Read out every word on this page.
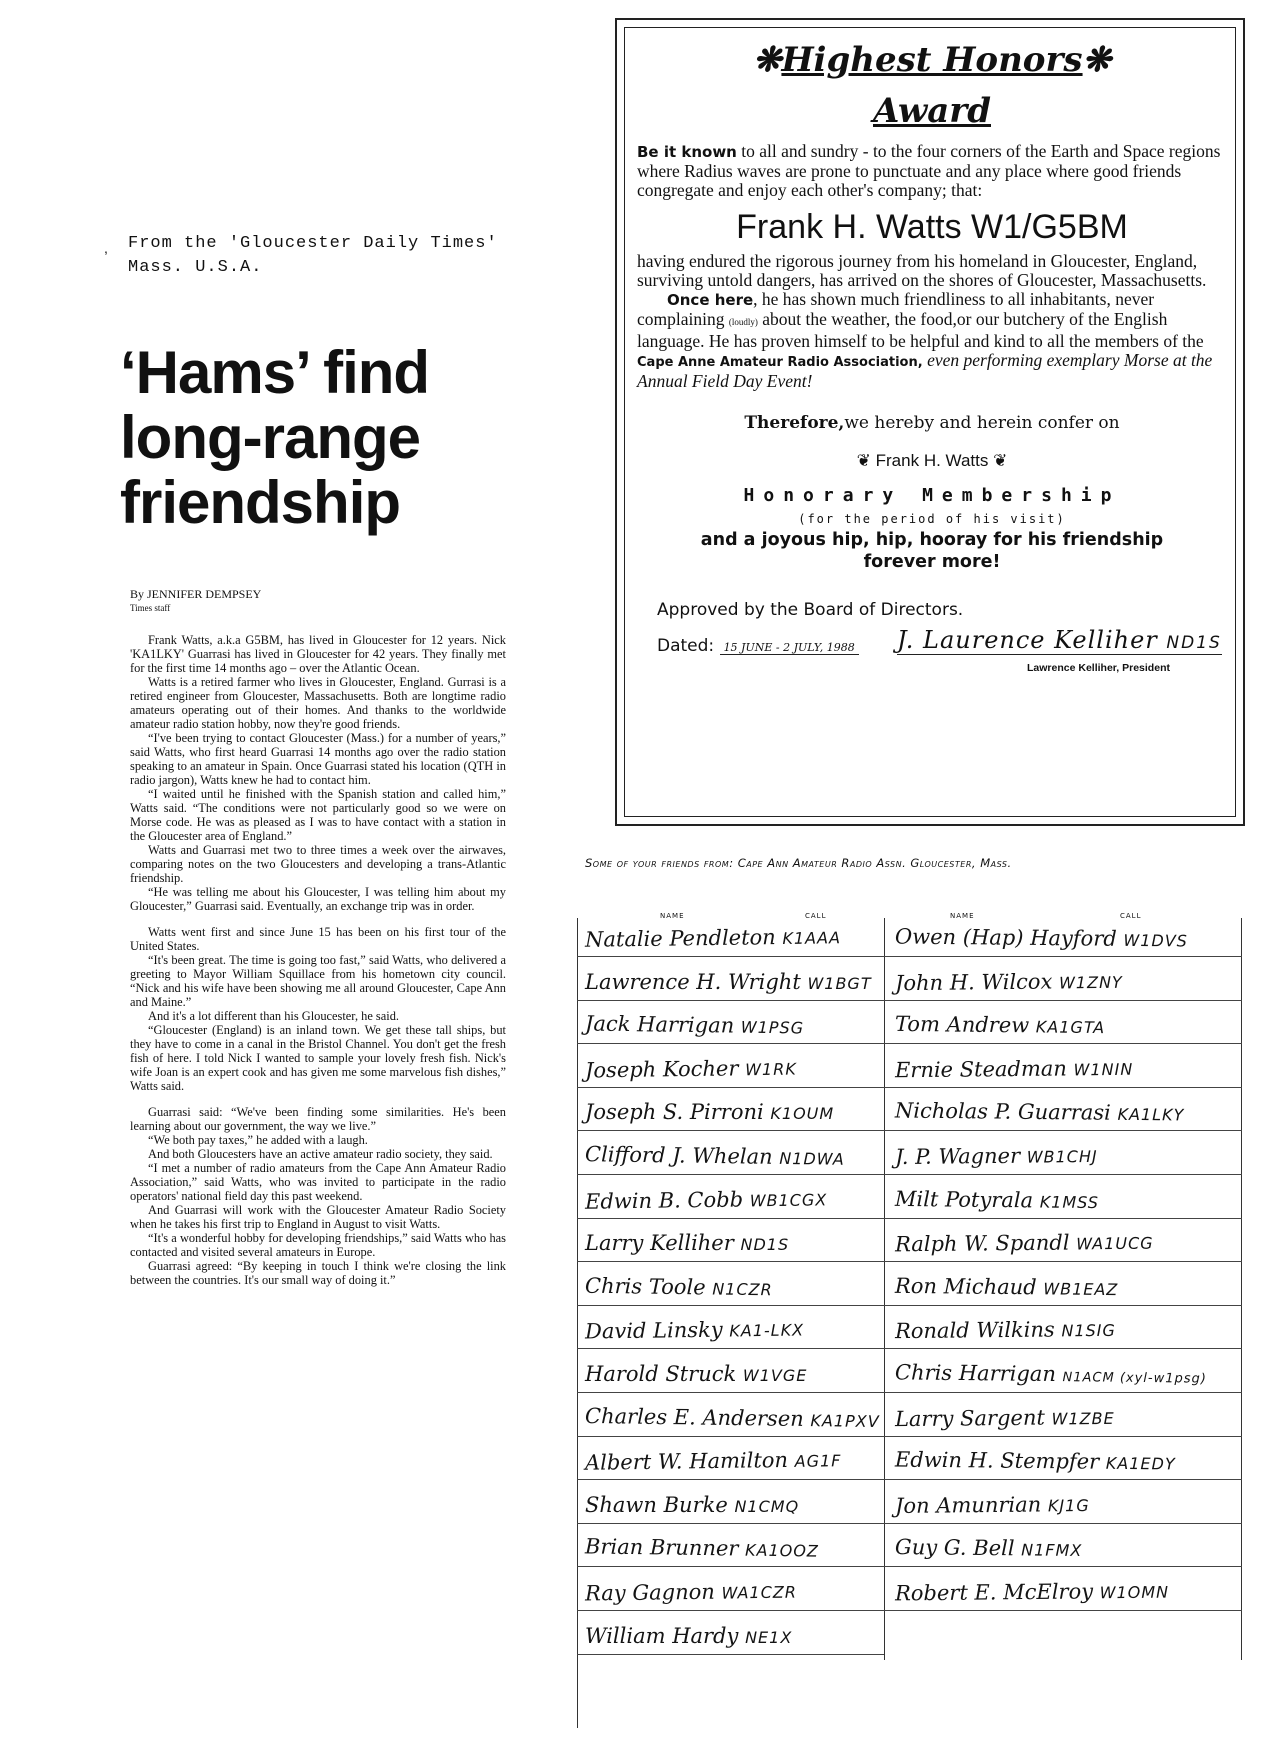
, From the 'Gloucester Daily Times'
Mass. U.S.A.
‘Hams’ find
long-range
friendship
By JENNIFER DEMPSEY
Times staff

Frank Watts, a.k.a G5BM, has lived in Gloucester for 12 years. Nick 'KA1LKY' Guarrasi has lived in Gloucester for 42 years. They finally met for the first time 14 months ago – over the Atlantic Ocean.

Watts is a retired farmer who lives in Gloucester, England. Gurrasi is a retired engineer from Gloucester, Massachusetts. Both are longtime radio amateurs operating out of their homes. And thanks to the worldwide amateur radio station hobby, now they're good friends.

“I've been trying to contact Gloucester (Mass.) for a number of years,” said Watts, who first heard Guarrasi 14 months ago over the radio station speaking to an amateur in Spain. Once Guarrasi stated his location (QTH in radio jargon), Watts knew he had to contact him.

“I waited until he finished with the Spanish station and called him,” Watts said. “The conditions were not particularly good so we were on Morse code. He was as pleased as I was to have contact with a station in the Gloucester area of England.”

Watts and Guarrasi met two to three times a week over the airwaves, comparing notes on the two Gloucesters and developing a trans-Atlantic friendship.

“He was telling me about his Gloucester, I was telling him about my Gloucester,” Guarrasi said. Eventually, an exchange trip was in order.

Watts went first and since June 15 has been on his first tour of the United States.

“It's been great. The time is going too fast,” said Watts, who delivered a greeting to Mayor William Squillace from his hometown city council. “Nick and his wife have been showing me all around Gloucester, Cape Ann and Maine.”

And it's a lot different than his Gloucester, he said.

“Gloucester (England) is an inland town. We get these tall ships, but they have to come in a canal in the Bristol Channel. You don't get the fresh fish of here. I told Nick I wanted to sample your lovely fresh fish. Nick's wife Joan is an expert cook and has given me some marvelous fish dishes,” Watts said.

Guarrasi said: “We've been finding some similarities. He's been learning about our government, the way we live.”

“We both pay taxes,” he added with a laugh.

And both Gloucesters have an active amateur radio society, they said.

“I met a number of radio amateurs from the Cape Ann Amateur Radio Association,” said Watts, who was invited to participate in the radio operators' national field day this past weekend.

And Guarrasi will work with the Gloucester Amateur Radio Society when he takes his first trip to England in August to visit Watts.

“It's a wonderful hobby for developing friendships,” said Watts who has contacted and visited several amateurs in Europe.

Guarrasi agreed: “By keeping in touch I think we're closing the link between the countries. It's our small way of doing it.”

❋Highest Honors❋
Award
Be it known to all and sundry - to the four corners of the Earth and Space regions where Radius waves are prone to punctuate and any place where good friends congregate and enjoy each other's company; that:
Frank H. Watts W1/G5BM
having endured the rigorous journey from his homeland in Gloucester, England, surviving untold dangers, has arrived on the shores of Gloucester, Massachusetts.
Once here, he has shown much friendliness to all inhabitants, never complaining (loudly) about the weather, the food,or our butchery of the English language. He has proven himself to be helpful and kind to all the members of the Cape Anne Amateur Radio Association, even performing exemplary Morse at the Annual Field Day Event!
Therefore,we hereby and herein confer on
❦ Frank H. Watts ❦
Honorary Membership
(for the period of his visit)
and a joyous hip, hip, hooray for his friendship
forever more!
Approved by the Board of Directors.
Dated: 15 JUNE - 2 JULY, 1988 J. Laurence Kelliher ND1S
Lawrence Kelliher, President
Some of your friends from: Cape Ann Amateur Radio Assn. Gloucester, Mass.
NAME	CALL	NAME	CALL
Natalie Pendleton K1AAA
Lawrence H. Wright W1BGT
Jack Harrigan W1PSG
Joseph Kocher W1RK
Joseph S. Pirroni K1OUM
Clifford J. Whelan N1DWA
Edwin B. Cobb WB1CGX
Larry Kelliher ND1S
Chris Toole N1CZR
David Linsky KA1-LKX
Harold Struck W1VGE
Charles E. Andersen KA1PXV
Albert W. Hamilton AG1F
Shawn Burke N1CMQ
Brian Brunner KA1OOZ
Ray Gagnon WA1CZR
William Hardy NE1X
Owen (Hap) Hayford W1DVS
John H. Wilcox W1ZNY
Tom Andrew KA1GTA
Ernie Steadman W1NIN
Nicholas P. Guarrasi KA1LKY
J. P. Wagner WB1CHJ
Milt Potyrala K1MSS
Ralph W. Spandl WA1UCG
Ron Michaud WB1EAZ
Ronald Wilkins N1SIG
Chris Harrigan N1ACM (xyl-w1psg)
Larry Sargent W1ZBE
Edwin H. Stempfer KA1EDY
Jon Amunrian KJ1G
Guy G. Bell N1FMX
Robert E. McElroy W1OMN
